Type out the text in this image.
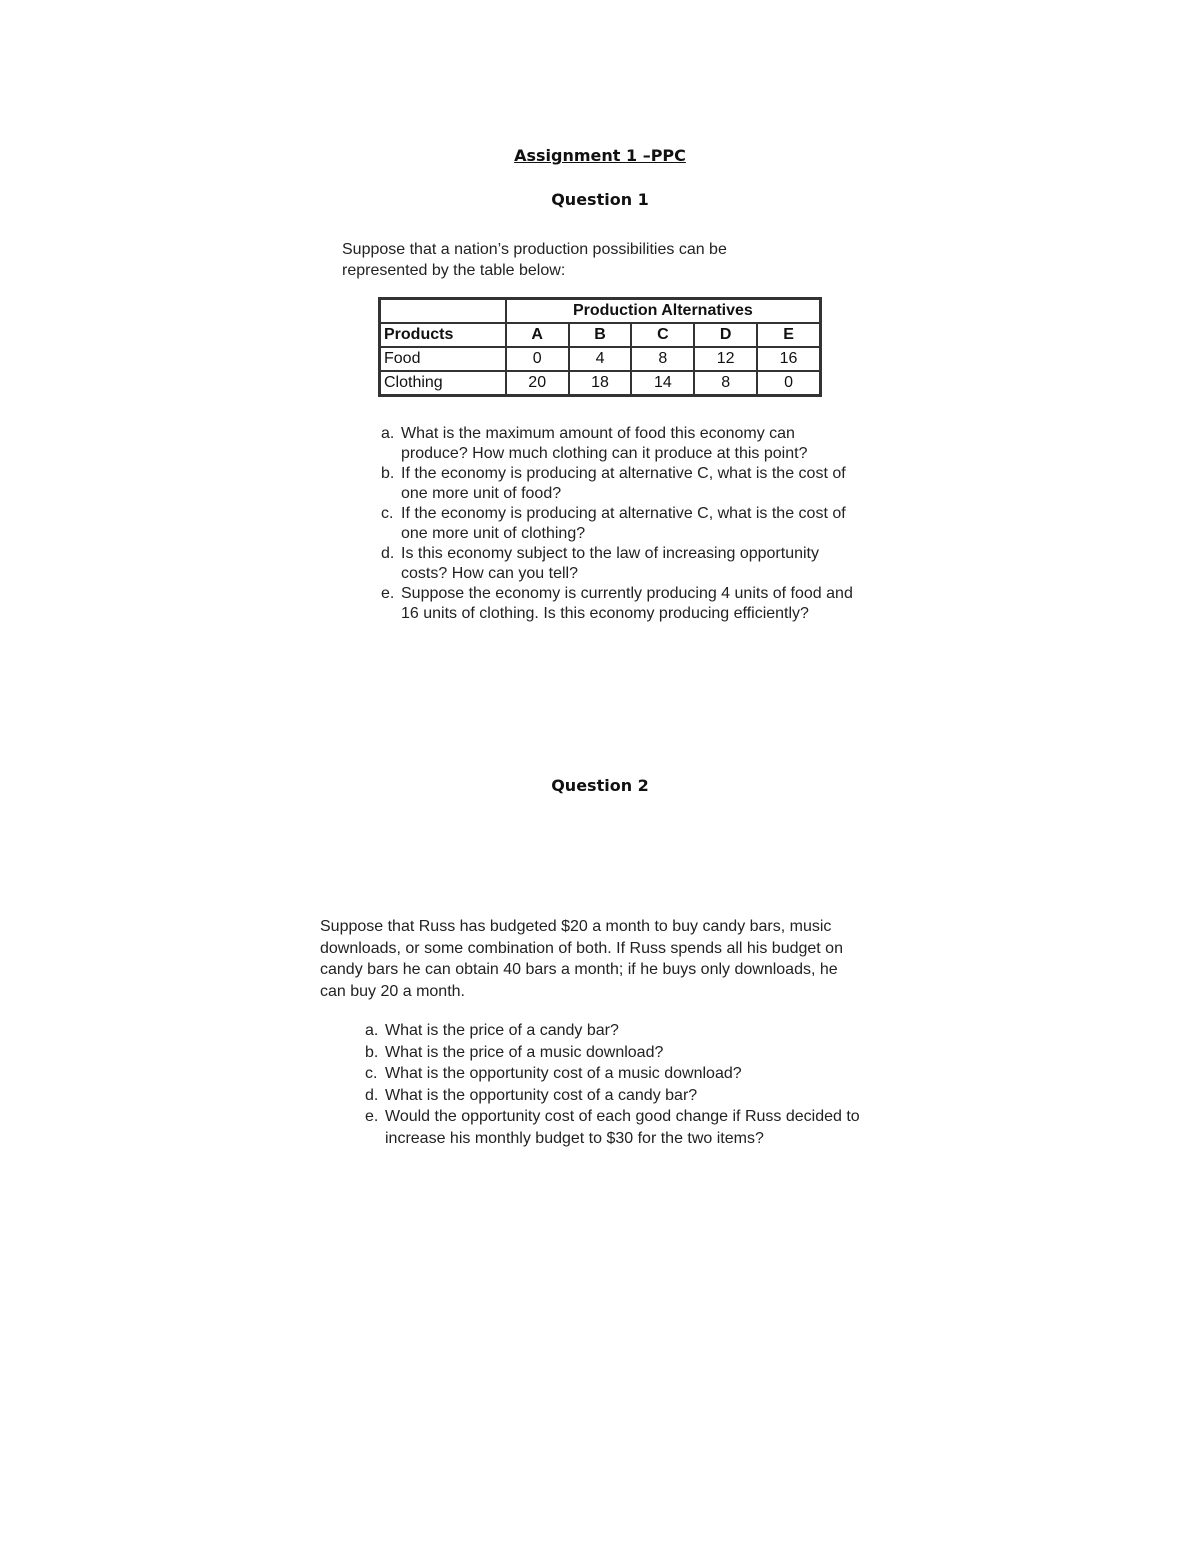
Assignment 1 –PPC
Question 1
Suppose that a nation’s production possibilities can be represented by the table below:
	Production Alternatives				
Products	A	B	C	D	E
Food	0	4	8	12	16
Clothing	20	18	14	8	0
a. What is the maximum amount of food this economy can produce? How much clothing can it produce at this point?
b. If the economy is producing at alternative C, what is the cost of one more unit of food?
c. If the economy is producing at alternative C, what is the cost of one more unit of clothing?
d. Is this economy subject to the law of increasing opportunity costs? How can you tell?
e. Suppose the economy is currently producing 4 units of food and 16 units of clothing. Is this economy producing efficiently?
Question 2
Suppose that Russ has budgeted $20 a month to buy candy bars, music downloads, or some combination of both. If Russ spends all his budget on candy bars he can obtain 40 bars a month; if he buys only downloads, he can buy 20 a month.
a. What is the price of a candy bar?
b. What is the price of a music download?
c. What is the opportunity cost of a music download?
d. What is the opportunity cost of a candy bar?
e. Would the opportunity cost of each good change if Russ decided to increase his monthly budget to $30 for the two items?
